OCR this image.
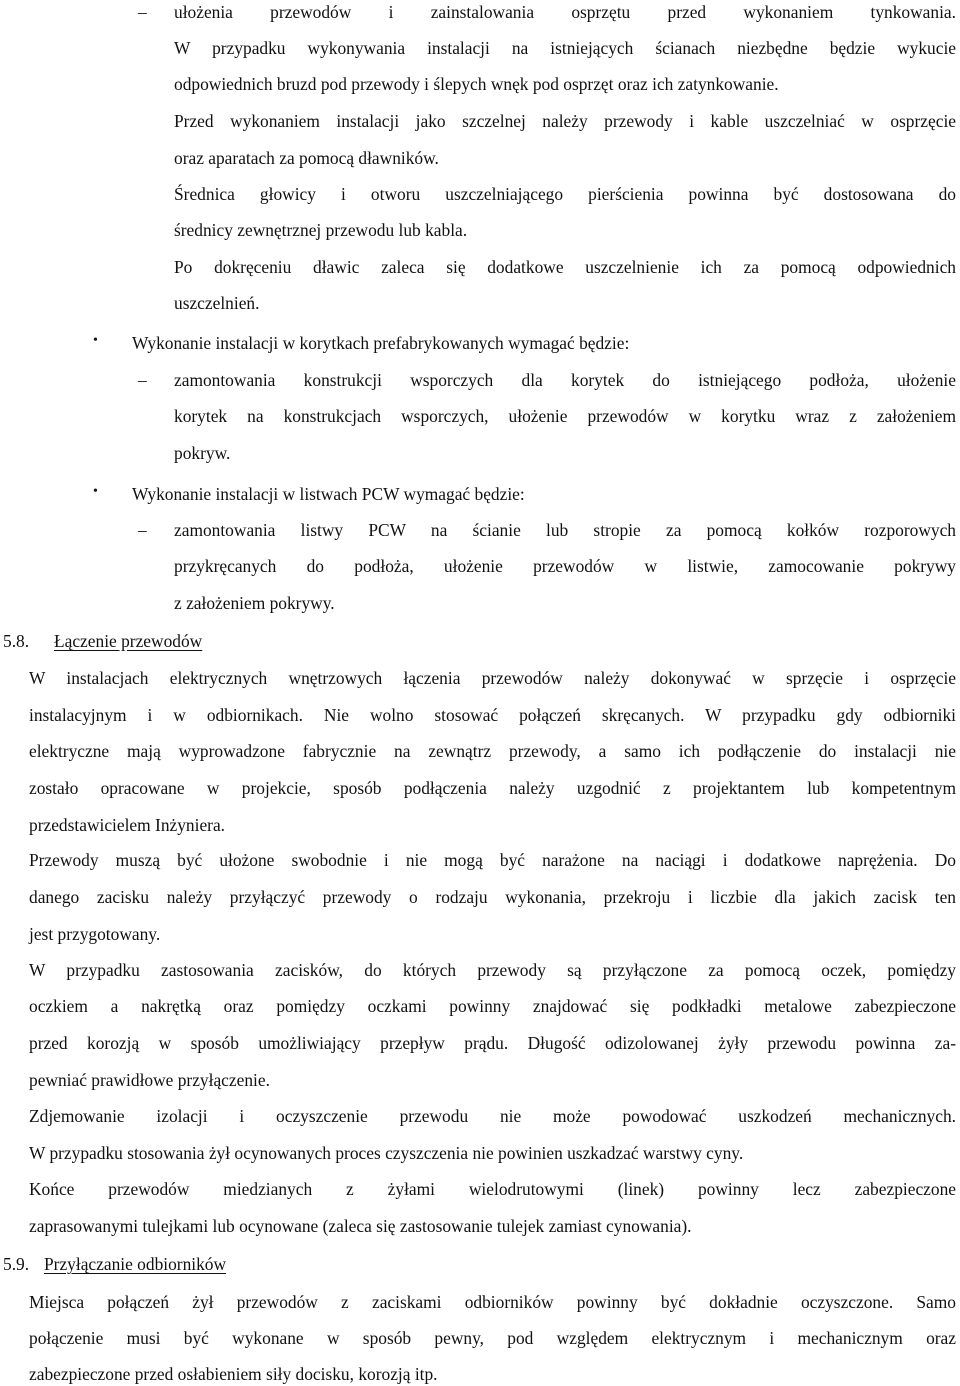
– ułożenia przewodów i zainstalowania osprzętu przed wykonaniem tynkowania.
W przypadku wykonywania instalacji na istniejących ścianach niezbędne będzie wykucie
odpowiednich bruzd pod przewody i ślepych wnęk pod osprzęt oraz ich zatynkowanie.
Przed wykonaniem instalacji jako szczelnej należy przewody i kable uszczelniać w osprzęcie
oraz aparatach za pomocą dławników.
Średnica głowicy i otworu uszczelniającego pierścienia powinna być dostosowana do
średnicy zewnętrznej przewodu lub kabla.
Po dokręceniu dławic zaleca się dodatkowe uszczelnienie ich za pomocą odpowiednich
uszczelnień.
• Wykonanie instalacji w korytkach prefabrykowanych wymagać będzie:
– zamontowania konstrukcji wsporczych dla korytek do istniejącego podłoża, ułożenie
korytek na konstrukcjach wsporczych, ułożenie przewodów w korytku wraz z założeniem
pokryw.
• Wykonanie instalacji w listwach PCW wymagać będzie:
– zamontowania listwy PCW na ścianie lub stropie za pomocą kołków rozporowych
przykręcanych do podłoża, ułożenie przewodów w listwie, zamocowanie pokrywy
z założeniem pokrywy.
5.8. Łączenie przewodów
W instalacjach elektrycznych wnętrzowych łączenia przewodów należy dokonywać w sprzęcie i osprzęcie
instalacyjnym i w odbiornikach. Nie wolno stosować połączeń skręcanych. W przypadku gdy odbiorniki
elektryczne mają wyprowadzone fabrycznie na zewnątrz przewody, a samo ich podłączenie do instalacji nie
zostało opracowane w projekcie, sposób podłączenia należy uzgodnić z projektantem lub kompetentnym
przedstawicielem Inżyniera.
Przewody muszą być ułożone swobodnie i nie mogą być narażone na naciągi i dodatkowe naprężenia. Do
danego zacisku należy przyłączyć przewody o rodzaju wykonania, przekroju i liczbie dla jakich zacisk ten
jest przygotowany.
W przypadku zastosowania zacisków, do których przewody są przyłączone za pomocą oczek, pomiędzy
oczkiem a nakrętką oraz pomiędzy oczkami powinny znajdować się podkładki metalowe zabezpieczone
przed korozją w sposób umożliwiający przepływ prądu. Długość odizolowanej żyły przewodu powinna za-
pewniać prawidłowe przyłączenie.
Zdjemowanie izolacji i oczyszczenie przewodu nie może powodować uszkodzeń mechanicznych.
W przypadku stosowania żył ocynowanych proces czyszczenia nie powinien uszkadzać warstwy cyny.
Końce przewodów miedzianych z żyłami wielodrutowymi (linek) powinny lecz zabezpieczone
zaprasowanymi tulejkami lub ocynowane (zaleca się zastosowanie tulejek zamiast cynowania).
5.9. Przyłączanie odbiorników
Miejsca połączeń żył przewodów z zaciskami odbiorników powinny być dokładnie oczyszczone. Samo
połączenie musi być wykonane w sposób pewny, pod względem elektrycznym i mechanicznym oraz
zabezpieczone przed osłabieniem siły docisku, korozją itp.
